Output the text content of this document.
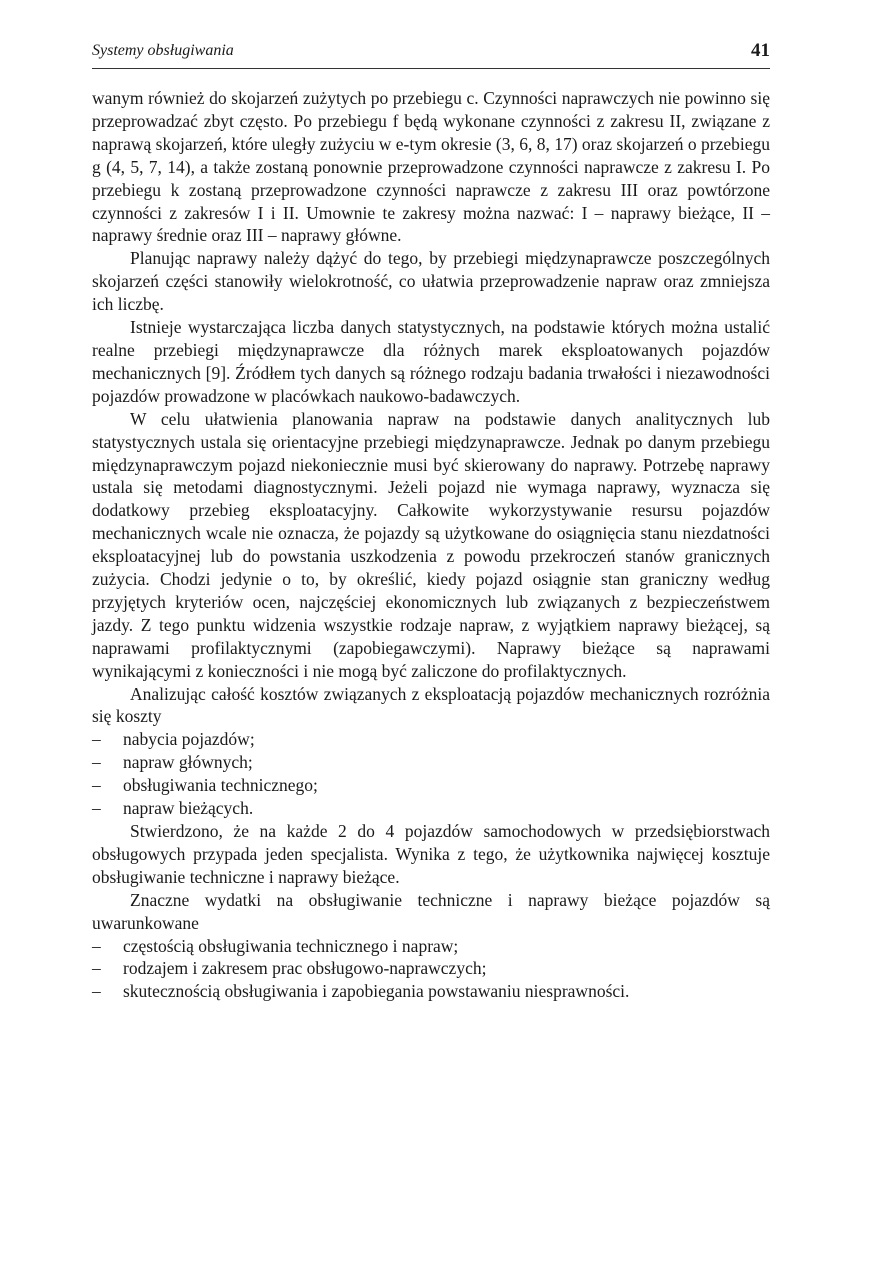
Systemy obsługiwania	41

wanym również do skojarzeń zużytych po przebiegu c. Czynności naprawczych nie powinno się przeprowadzać zbyt często. Po przebiegu f będą wykonane czynności z zakresu II, związane z naprawą skojarzeń, które uległy zużyciu w e-tym okresie (3, 6, 8, 17) oraz skojarzeń o przebiegu g (4, 5, 7, 14), a także zostaną ponownie przeprowadzone czynności naprawcze z zakresu I. Po przebiegu k zostaną przeprowadzone czynności naprawcze z zakresu III oraz powtórzone czynności z zakresów I i II. Umownie te zakresy można nazwać: I – naprawy bieżące, II – naprawy średnie oraz III – naprawy główne.

Planując naprawy należy dążyć do tego, by przebiegi międzynaprawcze poszczególnych skojarzeń części stanowiły wielokrotność, co ułatwia przeprowadzenie napraw oraz zmniejsza ich liczbę.

Istnieje wystarczająca liczba danych statystycznych, na podstawie których można ustalić realne przebiegi międzynaprawcze dla różnych marek eksploatowanych pojazdów mechanicznych [9]. Źródłem tych danych są różnego rodzaju badania trwałości i niezawodności pojazdów prowadzone w placówkach naukowo-badawczych.

W celu ułatwienia planowania napraw na podstawie danych analitycznych lub statystycznych ustala się orientacyjne przebiegi międzynaprawcze. Jednak po danym przebiegu międzynaprawczym pojazd niekoniecznie musi być skierowany do naprawy. Potrzebę naprawy ustala się metodami diagnostycznymi. Jeżeli pojazd nie wymaga naprawy, wyznacza się dodatkowy przebieg eksploatacyjny. Całkowite wykorzystywanie resursu pojazdów mechanicznych wcale nie oznacza, że pojazdy są użytkowane do osiągnięcia stanu niezdatności eksploatacyjnej lub do powstania uszkodzenia z powodu przekroczeń stanów granicznych zużycia. Chodzi jedynie o to, by określić, kiedy pojazd osiągnie stan graniczny według przyjętych kryteriów ocen, najczęściej ekonomicznych lub związanych z bezpieczeństwem jazdy. Z tego punktu widzenia wszystkie rodzaje napraw, z wyjątkiem naprawy bieżącej, są naprawami profilaktycznymi (zapobiegawczymi). Naprawy bieżące są naprawami wynikającymi z konieczności i nie mogą być zaliczone do profilaktycznych.

Analizując całość kosztów związanych z eksploatacją pojazdów mechanicznych rozróżnia się koszty

– nabycia pojazdów;
– napraw głównych;
– obsługiwania technicznego;
– napraw bieżących.

Stwierdzono, że na każde 2 do 4 pojazdów samochodowych w przedsiębiorstwach obsługowych przypada jeden specjalista. Wynika z tego, że użytkownika najwięcej kosztuje obsługiwanie techniczne i naprawy bieżące.

Znaczne wydatki na obsługiwanie techniczne i naprawy bieżące pojazdów są uwarunkowane

– częstością obsługiwania technicznego i napraw;
– rodzajem i zakresem prac obsługowo-naprawczych;
– skutecznością obsługiwania i zapobiegania powstawaniu niesprawności.
